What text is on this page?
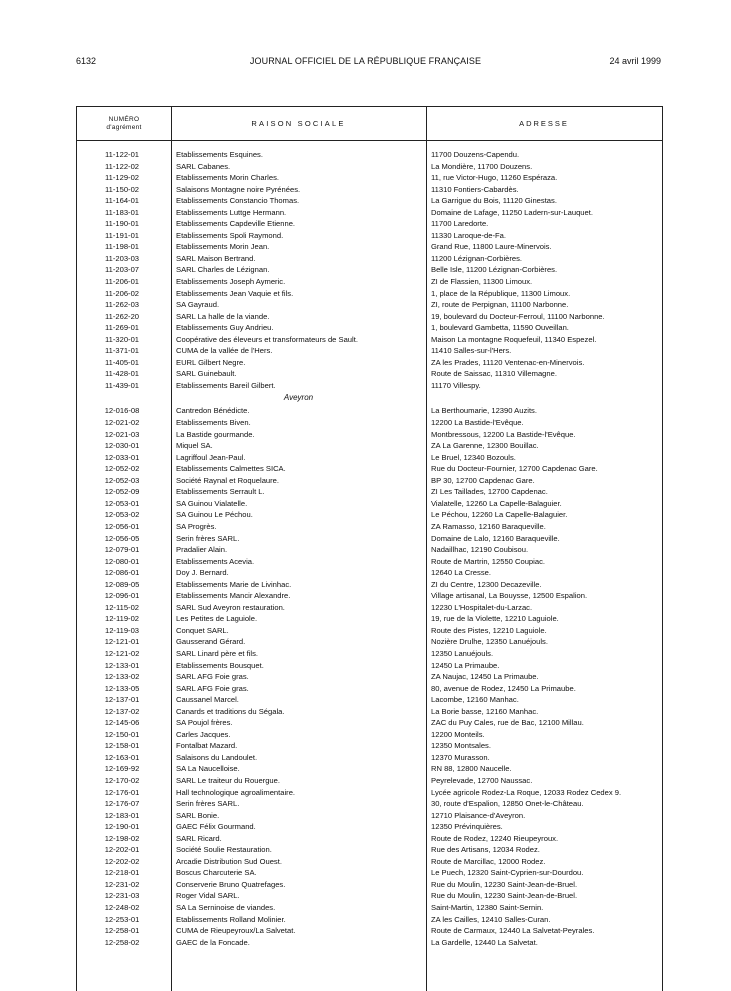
6132	JOURNAL OFFICIEL DE LA RÉPUBLIQUE FRANÇAISE	24 avril 1999
NUMÉRO
d'agrément	RAISON SOCIALE	ADRESSE
11-122-01	Etablissements Esquines.	11700 Douzens-Capendu.
11-122-02	SARL Cabanes.	La Mondière, 11700 Douzens.
11-129-02	Etablissements Morin Charles.	11, rue Victor-Hugo, 11260 Espéraza.
11-150-02	Salaisons Montagne noire Pyrénées.	11310 Fontiers-Cabardès.
11-164-01	Etablissements Constancio Thomas.	La Garrigue du Bois, 11120 Ginestas.
11-183-01	Etablissements Luttge Hermann.	Domaine de Lafage, 11250 Ladern-sur-Lauquet.
11-190-01	Etablissements Capdeville Etienne.	11700 Laredorte.
11-191-01	Etablissements Spoli Raymond.	11330 Laroque-de-Fa.
11-198-01	Etablissements Morin Jean.	Grand Rue, 11800 Laure-Minervois.
11-203-03	SARL Maison Bertrand.	11200 Lézignan-Corbières.
11-203-07	SARL Charles de Lézignan.	Belle Isle, 11200 Lézignan-Corbières.
11-206-01	Etablissements Joseph Aymeric.	ZI de Flassien, 11300 Limoux.
11-206-02	Etablissements Jean Vaquie et fils.	1, place de la République, 11300 Limoux.
11-262-03	SA Gayraud.	ZI, route de Perpignan, 11100 Narbonne.
11-262-20	SARL La halle de la viande.	19, boulevard du Docteur-Ferroul, 11100 Narbonne.
11-269-01	Etablissements Guy Andrieu.	1, boulevard Gambetta, 11590 Ouveillan.
11-320-01	Coopérative des éleveurs et transformateurs de Sault.	Maison La montagne Roquefeuil, 11340 Espezel.
11-371-01	CUMA de la vallée de l'Hers.	11410 Salles-sur-l'Hers.
11-405-01	EURL Gilbert Negre.	ZA les Prades, 11120 Ventenac-en-Minervois.
11-428-01	SARL Guinebault.	Route de Saissac, 11310 Villemagne.
11-439-01	Etablissements Bareil Gilbert.	11170 Villespy.
Aveyron
12-016-08	Cantredon Bénédicte.	La Berthoumarie, 12390 Auzits.
12-021-02	Etablissements Biven.	12200 La Bastide-l'Evêque.
12-021-03	La Bastide gourmande.	Montbressous, 12200 La Bastide-l'Evêque.
12-030-01	Miquel SA.	ZA La Garenne, 12300 Bouillac.
12-033-01	Lagriffoul Jean-Paul.	Le Bruel, 12340 Bozouls.
12-052-02	Etablissements Calmettes SICA.	Rue du Docteur-Fournier, 12700 Capdenac Gare.
12-052-03	Société Raynal et Roquelaure.	BP 30, 12700 Capdenac Gare.
12-052-09	Etablissements Serrault L.	ZI Les Taillades, 12700 Capdenac.
12-053-01	SA Guinou Vialatelle.	Vialatelle, 12260 La Capelle-Balaguier.
12-053-02	SA Guinou Le Péchou.	Le Péchou, 12260 La Capelle-Balaguier.
12-056-01	SA Progrès.	ZA Ramasso, 12160 Baraqueville.
12-056-05	Serin frères SARL.	Domaine de Lalo, 12160 Baraqueville.
12-079-01	Pradalier Alain.	Nadaillhac, 12190 Coubisou.
12-080-01	Etablissements Acevia.	Route de Martrin, 12550 Coupiac.
12-086-01	Doy J. Bernard.	12640 La Cresse.
12-089-05	Etablissements Marie de Livinhac.	ZI du Centre, 12300 Decazeville.
12-096-01	Etablissements Mancir Alexandre.	Village artisanal, La Bouysse, 12500 Espalion.
12-115-02	SARL Sud Aveyron restauration.	12230 L'Hospitalet-du-Larzac.
12-119-02	Les Petites de Laguiole.	19, rue de la Violette, 12210 Laguiole.
12-119-03	Conquet SARL.	Route des Pistes, 12210 Laguiole.
12-121-01	Gausserand Gérard.	Nozière Drulhe, 12350 Lanuéjouls.
12-121-02	SARL Linard père et fils.	12350 Lanuéjouls.
12-133-01	Etablissements Bousquet.	12450 La Primaube.
12-133-02	SARL AFG Foie gras.	ZA Naujac, 12450 La Primaube.
12-133-05	SARL AFG Foie gras.	80, avenue de Rodez, 12450 La Primaube.
12-137-01	Caussanel Marcel.	Lacombe, 12160 Manhac.
12-137-02	Canards et traditions du Ségala.	La Borie basse, 12160 Manhac.
12-145-06	SA Poujol frères.	ZAC du Puy Cales, rue de Bac, 12100 Millau.
12-150-01	Carles Jacques.	12200 Monteils.
12-158-01	Fontalbat Mazard.	12350 Montsales.
12-163-01	Salaisons du Landoulet.	12370 Murasson.
12-169-92	SA La Naucelloise.	RN 88, 12800 Naucelle.
12-170-02	SARL Le traiteur du Rouergue.	Peyrelevade, 12700 Naussac.
12-176-01	Hall technologique agroalimentaire.	Lycée agricole Rodez-La Roque, 12033 Rodez Cedex 9.
12-176-07	Serin frères SARL.	30, route d'Espalion, 12850 Onet-le-Château.
12-183-01	SARL Bonie.	12710 Plaisance-d'Aveyron.
12-190-01	GAEC Félix Gourmand.	12350 Prévinquières.
12-198-02	SARL Ricard.	Route de Rodez, 12240 Rieupeyroux.
12-202-01	Société Soulie Restauration.	Rue des Artisans, 12034 Rodez.
12-202-02	Arcadie Distribution Sud Ouest.	Route de Marcillac, 12000 Rodez.
12-218-01	Boscus Charcuterie SA.	Le Puech, 12320 Saint-Cyprien-sur-Dourdou.
12-231-02	Conserverie Bruno Quatrefages.	Rue du Moulin, 12230 Saint-Jean-de-Bruel.
12-231-03	Roger Vidal SARL.	Rue du Moulin, 12230 Saint-Jean-de-Bruel.
12-248-02	SA La Serninoise de viandes.	Saint-Martin, 12380 Saint-Sernin.
12-253-01	Etablissements Rolland Molinier.	ZA les Cailles, 12410 Salles-Curan.
12-258-01	CUMA de Rieupeyroux/La Salvetat.	Route de Carmaux, 12440 La Salvetat-Peyrales.
12-258-02	GAEC de la Foncade.	La Gardelle, 12440 La Salvetat.
